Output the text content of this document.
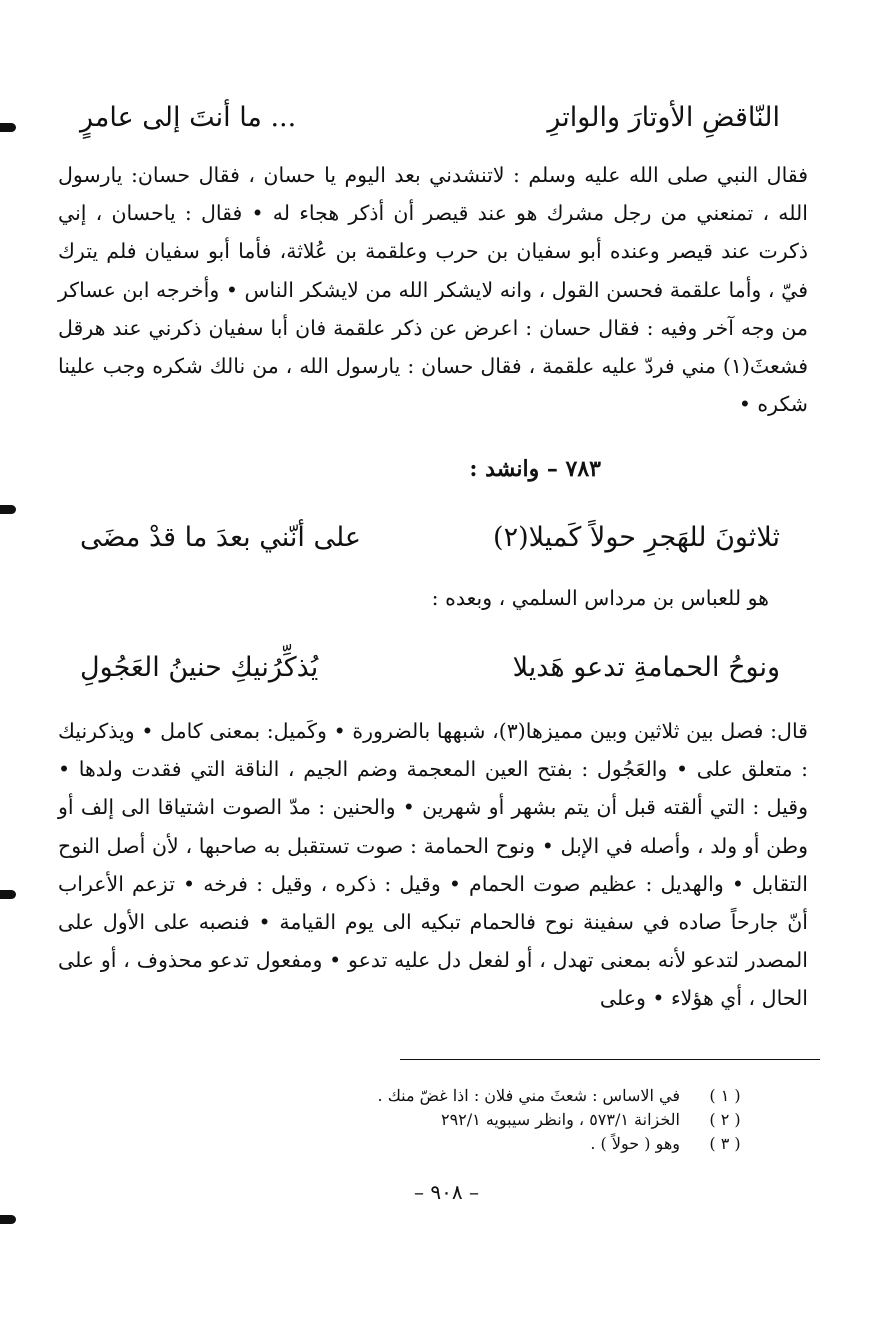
... ما أنتَ إلى عامرٍ	النّاقضِ الأوتارَ والواترِ

فقال النبي صلى الله عليه وسلم : لاتنشدني بعد اليوم يا حسان ، فقال حسان: يارسول الله ، تمنعني من رجل مشرك هو عند قيصر أن أذكر هجاء له • فقال : ياحسان ، إني ذكرت عند قيصر وعنده أبو سفيان بن حرب وعلقمة بن عُلاثة، فأما أبو سفيان فلم يترك فيّ ، وأما علقمة فحسن القول ، وانه لايشكر الله من لايشكر الناس • وأخرجه ابن عساكر من وجه آخر وفيه : فقال حسان : اعرض عن ذكر علقمة فان أبا سفيان ذكرني عند هرقل فشعثَ(١) مني فردّ عليه علقمة ، فقال حسان : يارسول الله ، من نالك شكره وجب علينا شكره •

٧٨٣ – وانشد :
على أنّني بعدَ ما قدْ مضَى	ثلاثونَ للهَجرِ حولاً كَميلا(٢)
هو للعباس بن مرداس السلمي ، وبعده :
يُذكِّرُنيكِ حنينُ العَجُولِ	ونوحُ الحمامةِ تدعو هَديلا

قال: فصل بين ثلاثين وبين مميزها(٣)، شبهها بالضرورة • وكَميل: بمعنى كامل • ويذكرنيك : متعلق على • والعَجُول : بفتح العين المعجمة وضم الجيم ، الناقة التي فقدت ولدها • وقيل : التي ألقته قبل أن يتم بشهر أو شهرين • والحنين : مدّ الصوت اشتياقا الى إلف أو وطن أو ولد ، وأصله في الإبل • ونوح الحمامة : صوت تستقبل به صاحبها ، لأن أصل النوح التقابل • والهديل : عظيم صوت الحمام • وقيل : ذكره ، وقيل : فرخه • تزعم الأعراب أنّ جارحاً صاده في سفينة نوح فالحمام تبكيه الى يوم القيامة • فنصبه على الأول على المصدر لتدعو لأنه بمعنى تهدل ، أو لفعل دل عليه تدعو • ومفعول تدعو محذوف ، أو على الحال ، أي هؤلاء • وعلى

( ١ )
في الاساس : شعثَ مني فلان : اذا غضّ منك .
( ٢ )
الخزانة ٥٧٣/١ ، وانظر سيبويه ٢٩٢/١
( ٣ )
وهو ( حولاً ) .
– ٩٠٨ –
